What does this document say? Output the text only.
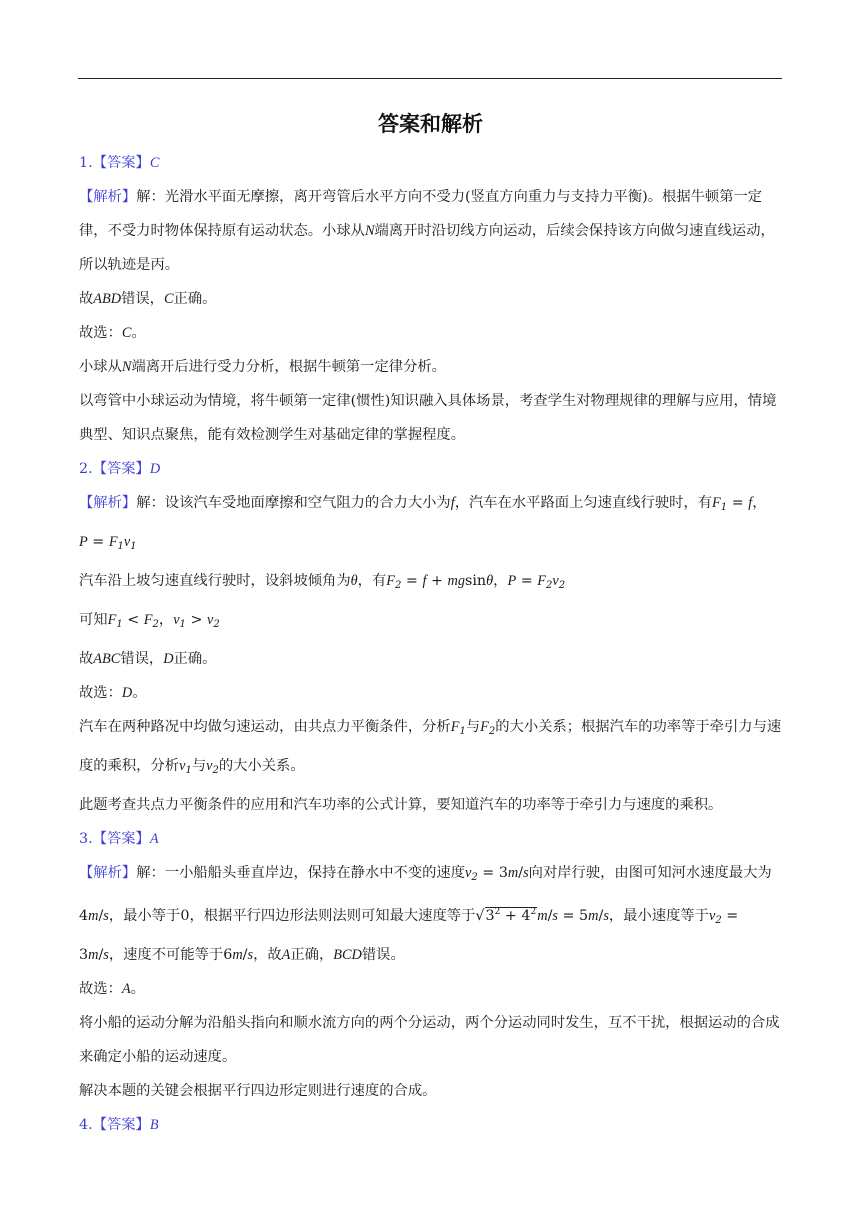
答案和解析

1.【答案】C

【解析】解：光滑水平面无摩擦，离开弯管后水平方向不受力(竖直方向重力与支持力平衡)。根据牛顿第一定律，不受力时物体保持原有运动状态。小球从N端离开时沿切线方向运动，后续会保持该方向做匀速直线运动，所以轨迹是丙。

故ABD错误，C正确。

故选：C。

小球从N端离开后进行受力分析，根据牛顿第一定律分析。

以弯管中小球运动为情境，将牛顿第一定律(惯性)知识融入具体场景，考查学生对物理规律的理解与应用，情境典型、知识点聚焦，能有效检测学生对基础定律的掌握程度。

2.【答案】D

【解析】解：设该汽车受地面摩擦和空气阻力的合力大小为f，汽车在水平路面上匀速直线行驶时，有$F_1 = f$，
$P = F_1v_1$

汽车沿上坡匀速直线行驶时，设斜坡倾角为θ，有$F_2 = f + mgsin\theta$，$P = F_2v_2$

可知$F_1 < F_2$，$v_1 > v_2$

故ABC错误，D正确。

故选：D。

汽车在两种路况中均做匀速运动，由共点力平衡条件，分析$F_1$与$F_2$的大小关系；根据汽车的功率等于牵引力与速度的乘积，分析$v_1$与$v_2$的大小关系。

此题考查共点力平衡条件的应用和汽车功率的公式计算，要知道汽车的功率等于牵引力与速度的乘积。

3.【答案】A

【解析】解：一小船船头垂直岸边，保持在静水中不变的速度$v_2 = 3m/s$向对岸行驶，由图可知河水速度最大为4m/s，最小等于0，根据平行四边形法则法则可知最大速度等于$√3^2 + 4^2m/s = 5m/s$，最小速度等于$v_2 = 3m/s$，速度不可能等于6m/s，故A正确，BCD错误。

故选：A。

将小船的运动分解为沿船头指向和顺水流方向的两个分运动，两个分运动同时发生，互不干扰，根据运动的合成来确定小船的运动速度。

解决本题的关键会根据平行四边形定则进行速度的合成。

4.【答案】B
